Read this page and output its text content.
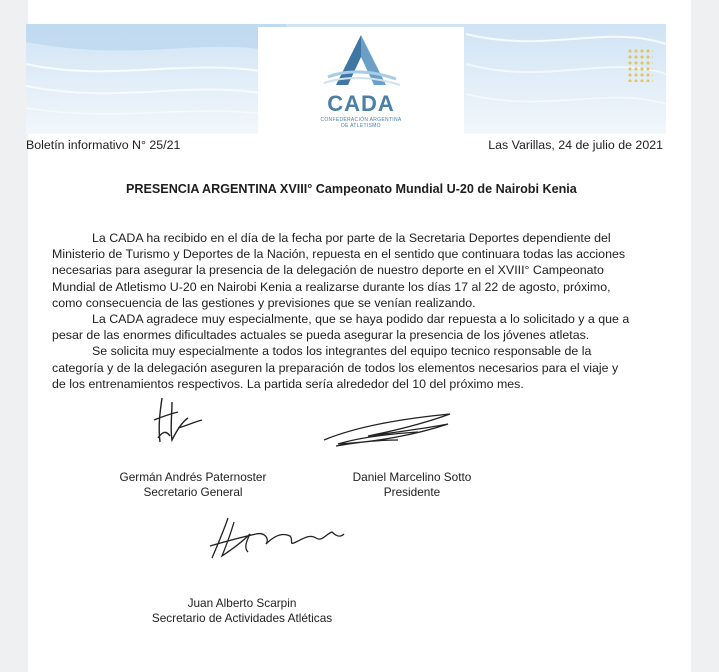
CADA
CONFEDERACIÓN ARGENTINA
DE ATLETISMO
Boletín informativo N° 25/21	Las Varillas, 24 de julio de 2021
PRESENCIA ARGENTINA XVIII° Campeonato Mundial U-20 de Nairobi Kenia
La CADA ha recibido en el día de la fecha por parte de la Secretaria Deportes dependiente del
Ministerio de Turismo y Deportes de la Nación, repuesta en el sentido que continuara todas las acciones
necesarias para asegurar la presencia de la delegación de nuestro deporte en el XVIII° Campeonato
Mundial de Atletismo U-20 en Nairobi Kenia a realizarse durante los días 17 al 22 de agosto, próximo,
como consecuencia de las gestiones y previsiones que se venían realizando.
La CADA agradece muy especialmente, que se haya podido dar repuesta a lo solicitado y a que a
pesar de las enormes dificultades actuales se pueda asegurar la presencia de los jóvenes atletas.
Se solicita muy especialmente a todos los integrantes del equipo tecnico responsable de la
categoría y de la delegación aseguren la preparación de todos los elementos necesarios para el viaje y
de los entrenamientos respectivos. La partida sería alrededor del 10 del próximo mes.
Germán Andrés Paternoster
Secretario General
Daniel Marcelino Sotto
Presidente
Juan Alberto Scarpin
Secretario de Actividades Atléticas
